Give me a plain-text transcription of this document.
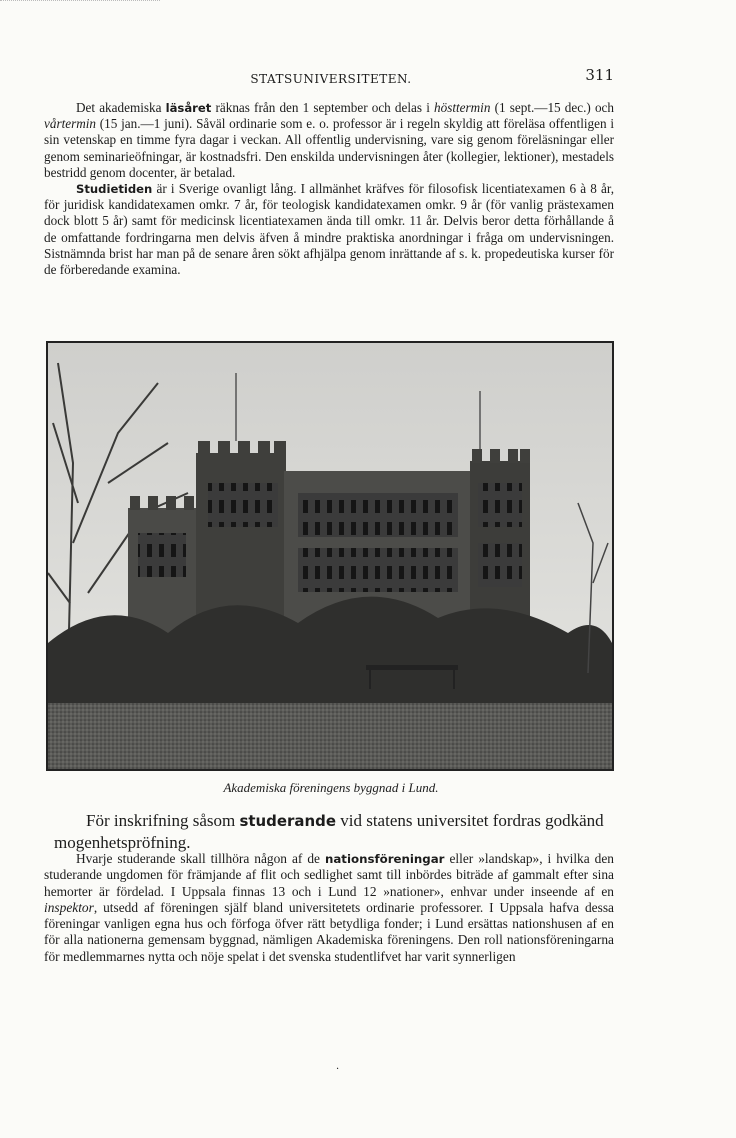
STATSUNIVERSITETEN.	311

Det akademiska läsåret räknas från den 1 september och delas i hösttermin (1 sept.—15 dec.) och vårtermin (15 jan.—1 juni). Såväl ordinarie som e. o. professor är i regeln skyldig att föreläsa offentligen i sin vetenskap en timme fyra dagar i veckan. All offentlig undervisning, vare sig genom föreläsningar eller genom seminarieöfningar, är kostnadsfri. Den enskilda undervisningen åter (kollegier, lektioner), mestadels bestridd genom docenter, är betalad.

Studietiden är i Sverige ovanligt lång. I allmänhet kräfves för filosofisk licentiatexamen 6 à 8 år, för juridisk kandidatexamen omkr. 7 år, för teologisk kandidatexamen omkr. 9 år (för vanlig prästexamen dock blott 5 år) samt för medicinsk licentiatexamen ända till omkr. 11 år. Delvis beror detta förhållande å de omfattande fordringarna men delvis äfven å mindre praktiska anordningar i fråga om undervisningen. Sistnämnda brist har man på de senare åren sökt afhjälpa genom inrättande af s. k. propedeutiska kurser för de förberedande examina.

Akademiska föreningens byggnad i Lund.

För inskrifning såsom studerande vid statens universitet fordras godkänd mogenhetspröfning.

Hvarje studerande skall tillhöra någon af de nationsföreningar eller »landskap», i hvilka den studerande ungdomen för främjande af flit och sedlighet samt till inbördes biträde af gammalt efter sina hemorter är fördelad. I Uppsala finnas 13 och i Lund 12 »nationer», enhvar under inseende af en inspektor, utsedd af föreningen själf bland universitetets ordinarie professorer. I Uppsala hafva dessa föreningar vanligen egna hus och förfoga öfver rätt betydliga fonder; i Lund ersättas nationshusen af en för alla nationerna gemensam byggnad, nämligen Akademiska föreningens. Den roll nationsföreningarna för medlemmarnes nytta och nöje spelat i det svenska studentlifvet har varit synnerligen

·
